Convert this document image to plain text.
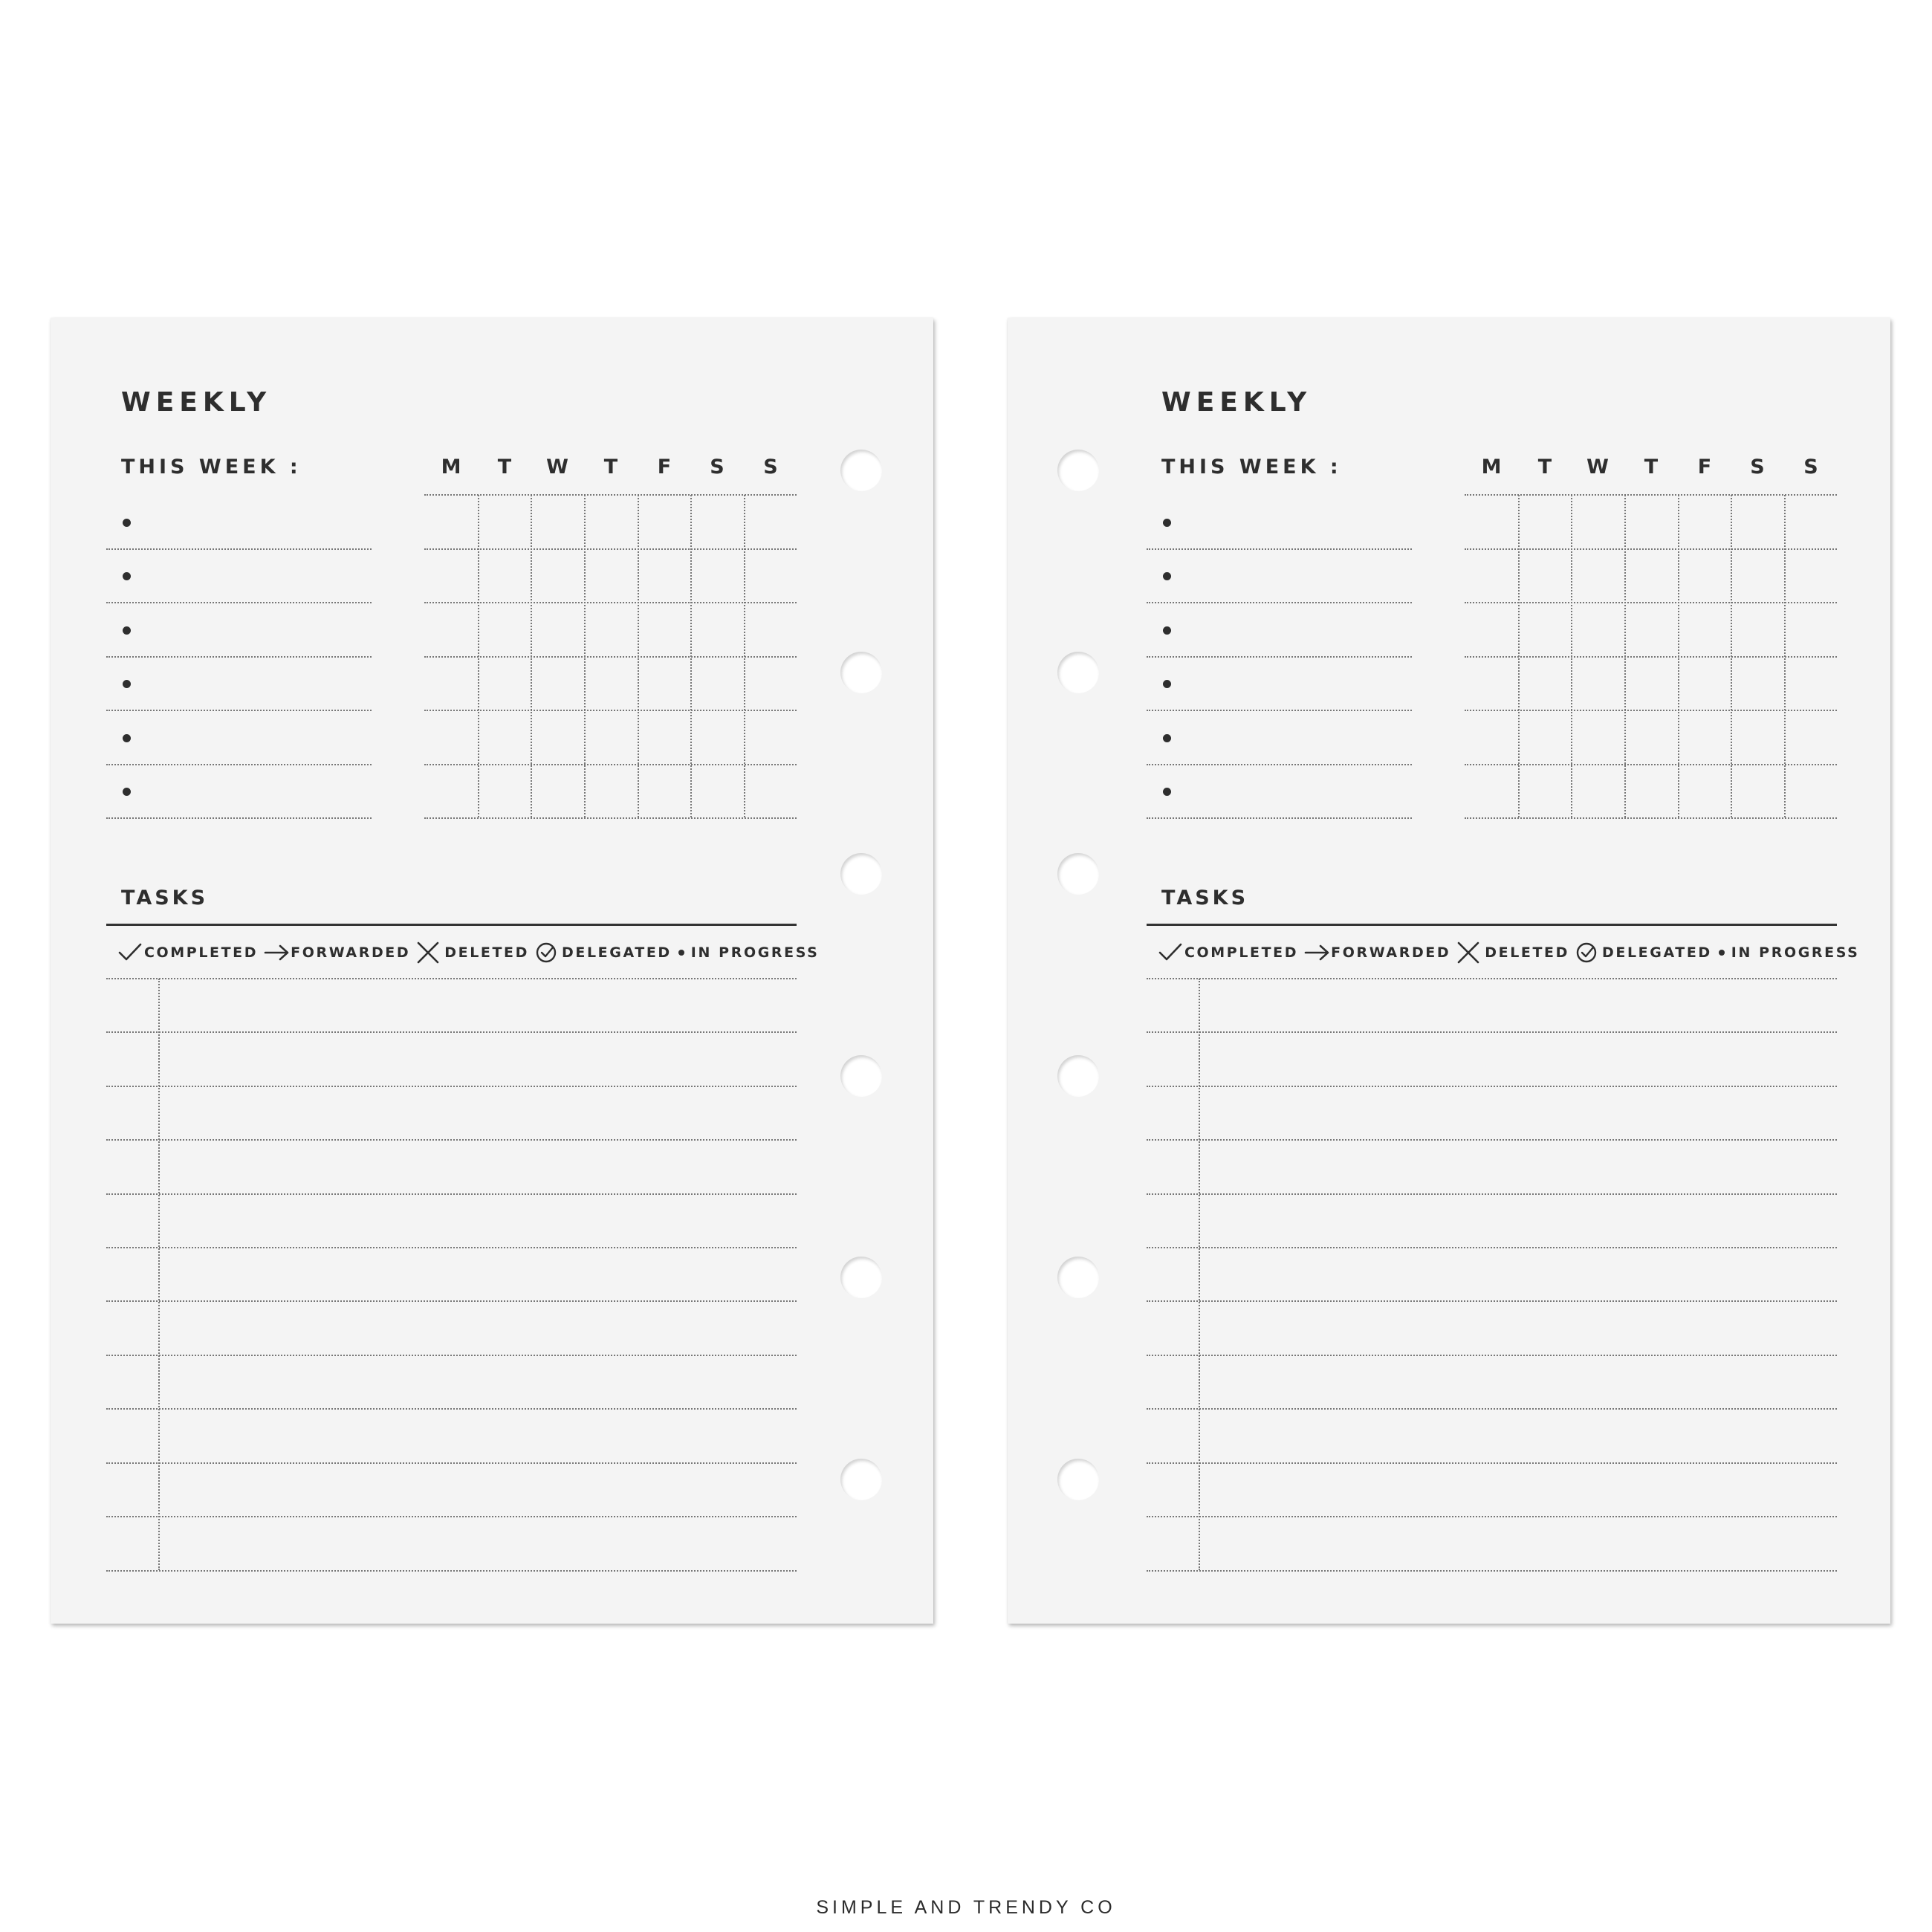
WEEKLY
THIS WEEK :	M	T	W	T	F	S	S
TASKS
COMPLETED FORWARDED DELETED DELEGATED IN PROGRESS
WEEKLY
THIS WEEK :	M	T	W	T	F	S	S
TASKS
COMPLETED FORWARDED DELETED DELEGATED IN PROGRESS
SIMPLE AND TRENDY CO
